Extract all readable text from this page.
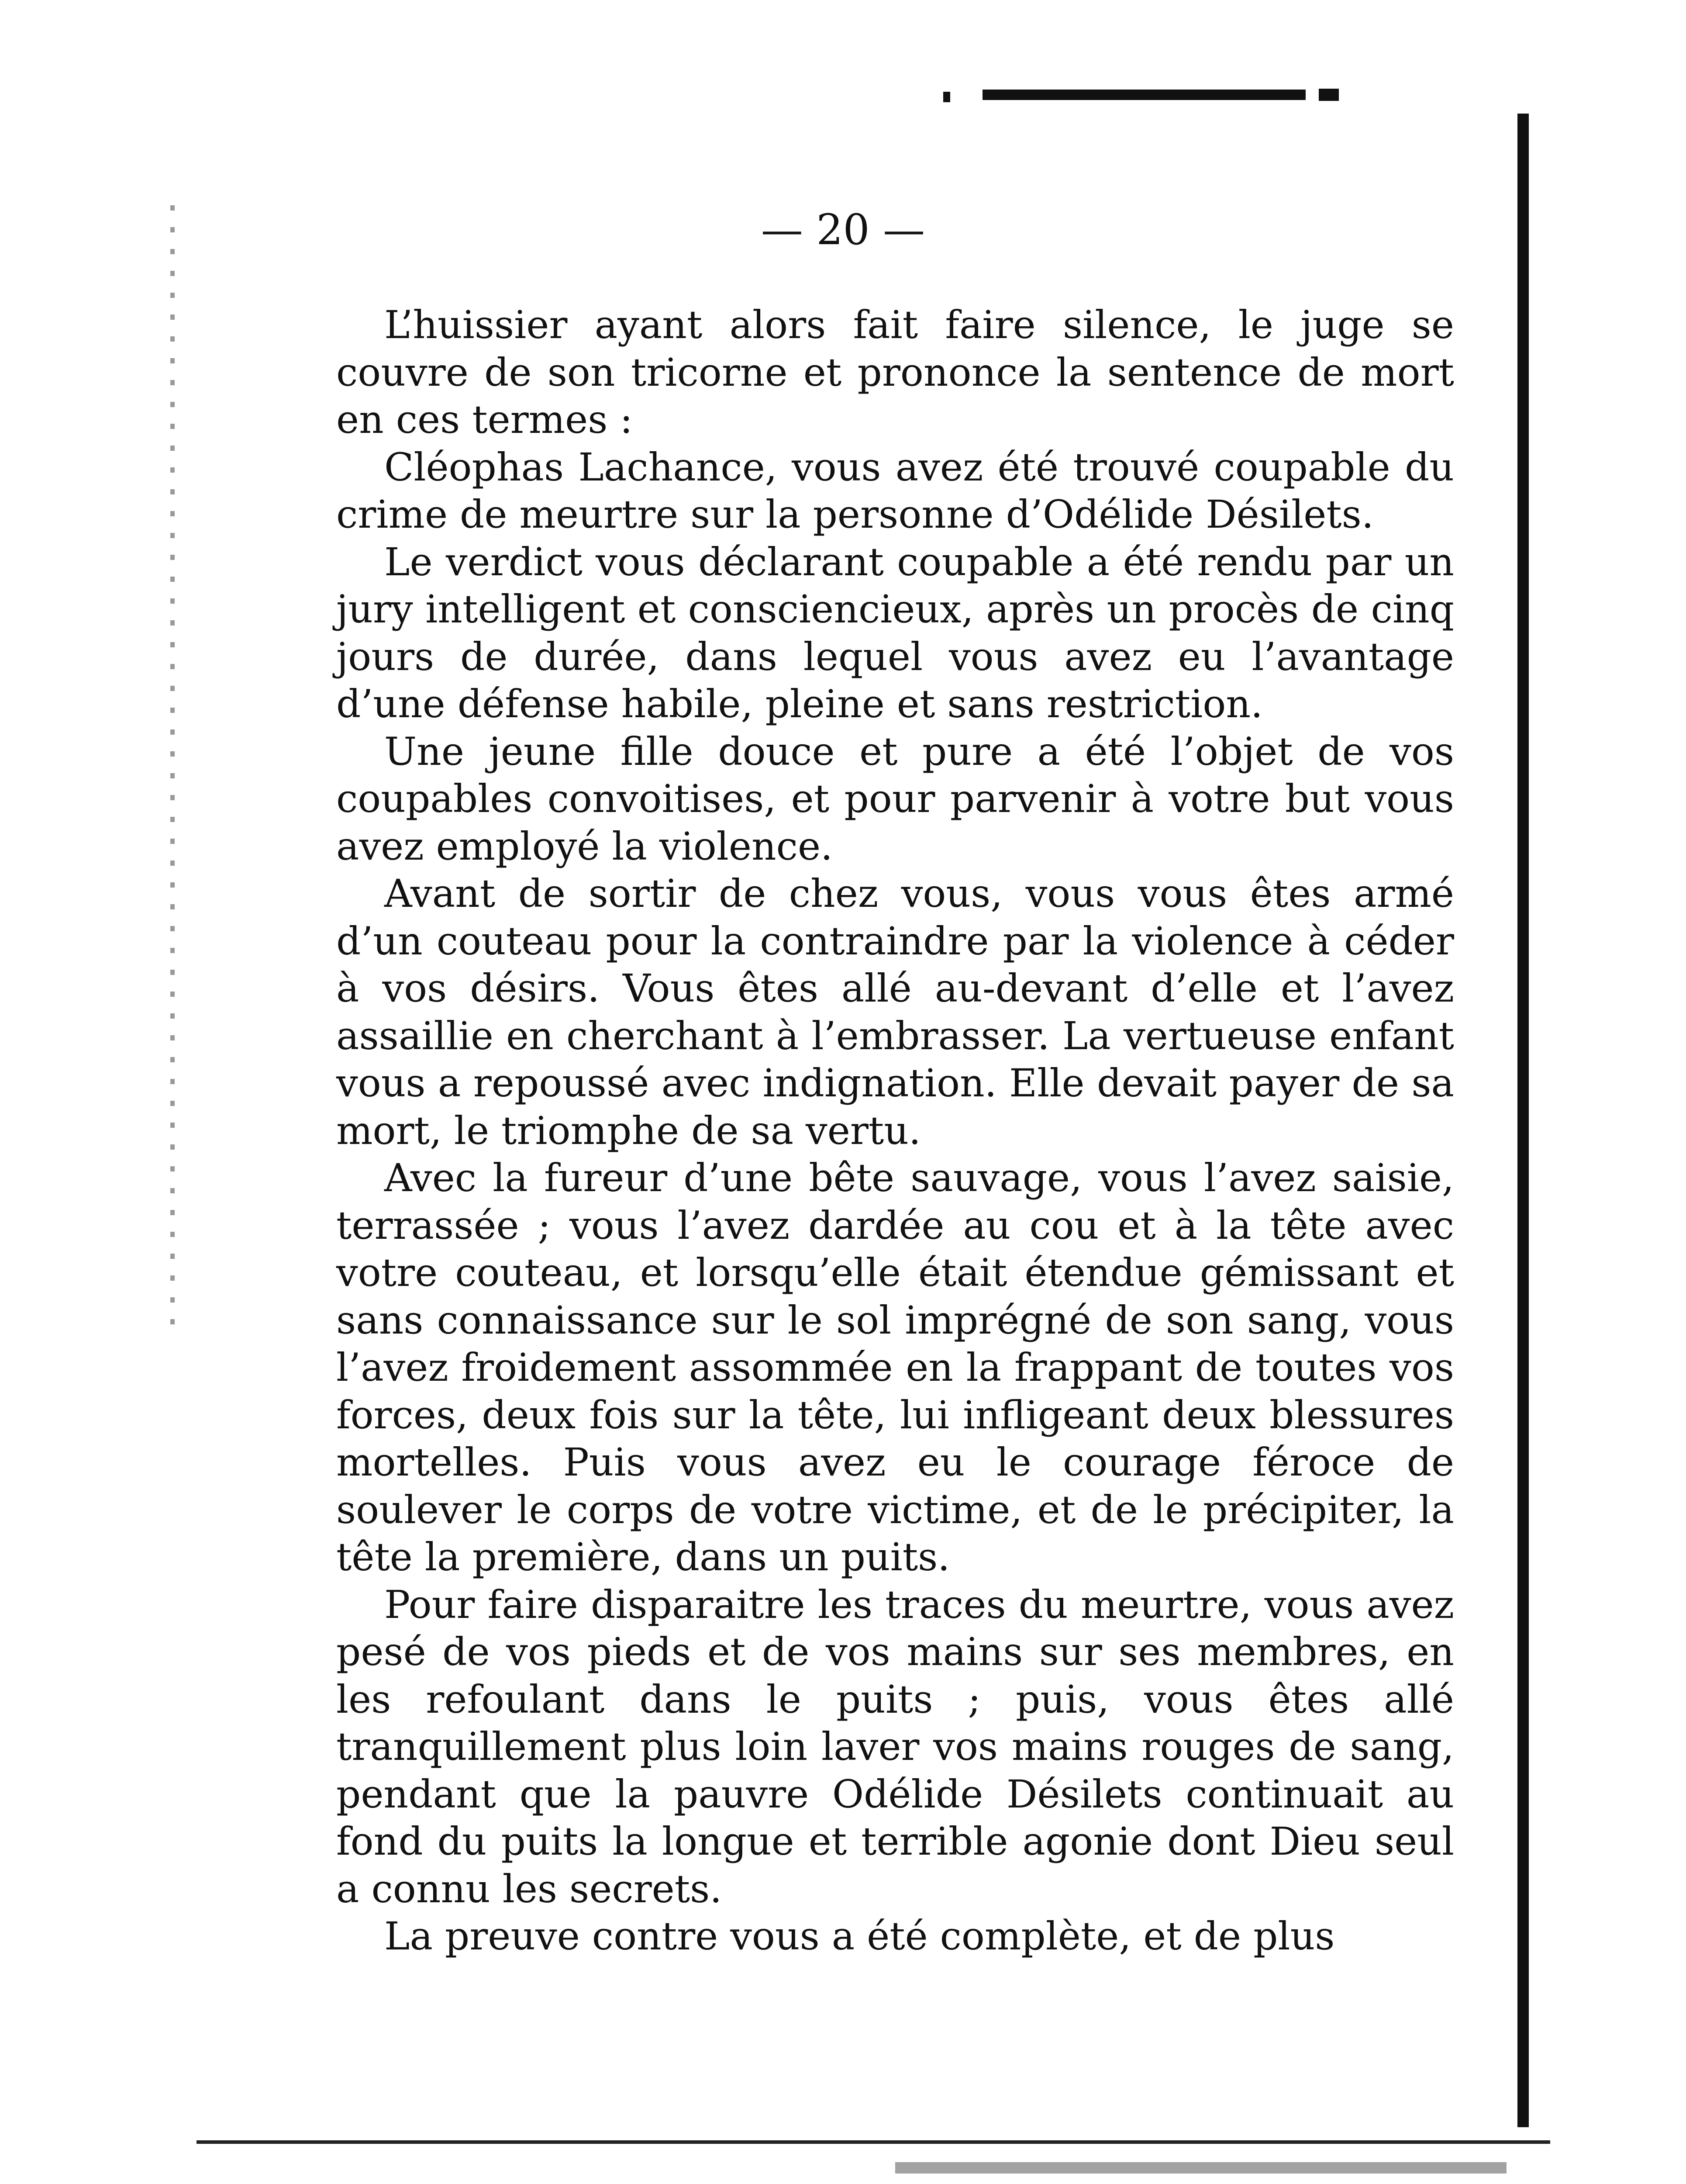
— 20 —

L’huissier ayant alors fait faire silence, le juge se couvre de son tricorne et prononce la sentence de mort en ces termes :

Cléophas Lachance, vous avez été trouvé coupable du crime de meurtre sur la personne d’Odélide Désilets.

Le verdict vous déclarant coupable a été rendu par un jury intelligent et consciencieux, après un procès de cinq jours de durée, dans lequel vous avez eu l’avantage d’une défense habile, pleine et sans restriction.

Une jeune fille douce et pure a été l’objet de vos coupables convoitises, et pour parvenir à votre but vous avez employé la violence.

Avant de sortir de chez vous, vous vous êtes armé d’un couteau pour la contraindre par la violence à céder à vos désirs. Vous êtes allé au-devant d’elle et l’avez assaillie en cherchant à l’embrasser. La vertueuse enfant vous a repoussé avec indignation. Elle devait payer de sa mort, le triomphe de sa vertu.

Avec la fureur d’une bête sauvage, vous l’avez saisie, terrassée ; vous l’avez dardée au cou et à la tête avec votre couteau, et lorsqu’elle était étendue gémissant et sans connaissance sur le sol imprégné de son sang, vous l’avez froidement assommée en la frappant de toutes vos forces, deux fois sur la tête, lui infligeant deux blessures mortelles. Puis vous avez eu le courage féroce de soulever le corps de votre victime, et de le précipiter, la tête la première, dans un puits.

Pour faire disparaitre les traces du meurtre, vous avez pesé de vos pieds et de vos mains sur ses membres, en les refoulant dans le puits ; puis, vous êtes allé tranquillement plus loin laver vos mains rouges de sang, pendant que la pauvre Odélide Désilets continuait au fond du puits la longue et terrible agonie dont Dieu seul a connu les secrets.

La preuve contre vous a été complète, et de plus
